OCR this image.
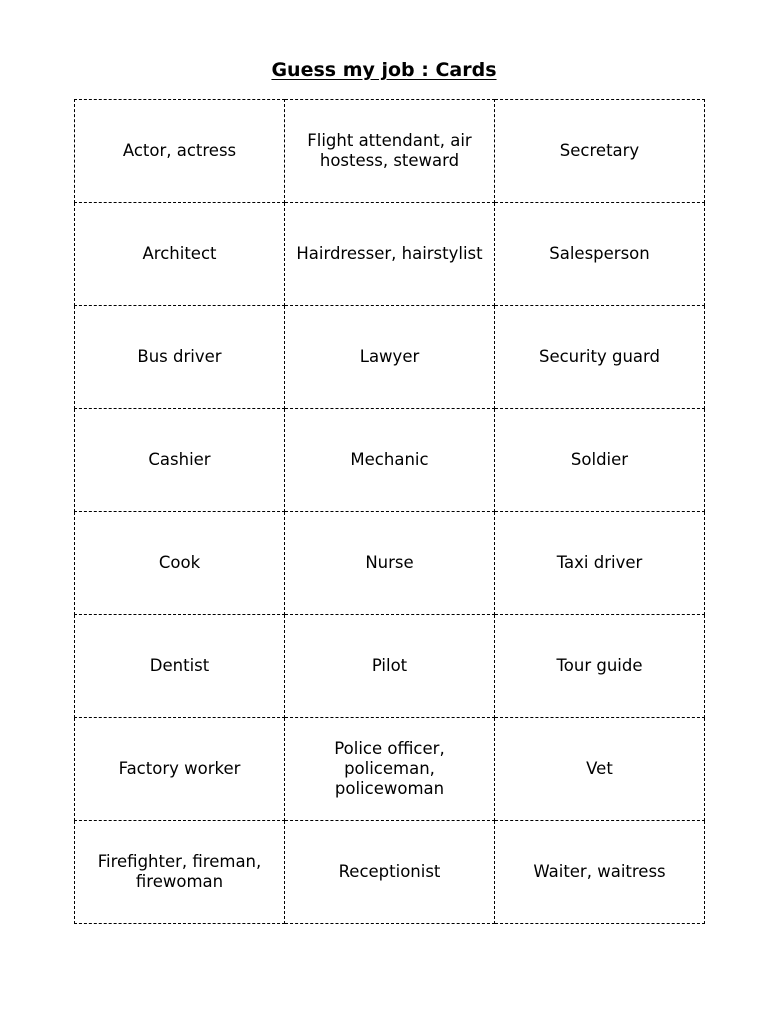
Guess my job : Cards
Actor, actress	Flight attendant, air hostess, steward	Secretary
Architect	Hairdresser, hairstylist	Salesperson
Bus driver	Lawyer	Security guard
Cashier	Mechanic	Soldier
Cook	Nurse	Taxi driver
Dentist	Pilot	Tour guide
Factory worker	Police officer, policeman, policewoman	Vet
Firefighter, fireman, firewoman	Receptionist	Waiter, waitress
